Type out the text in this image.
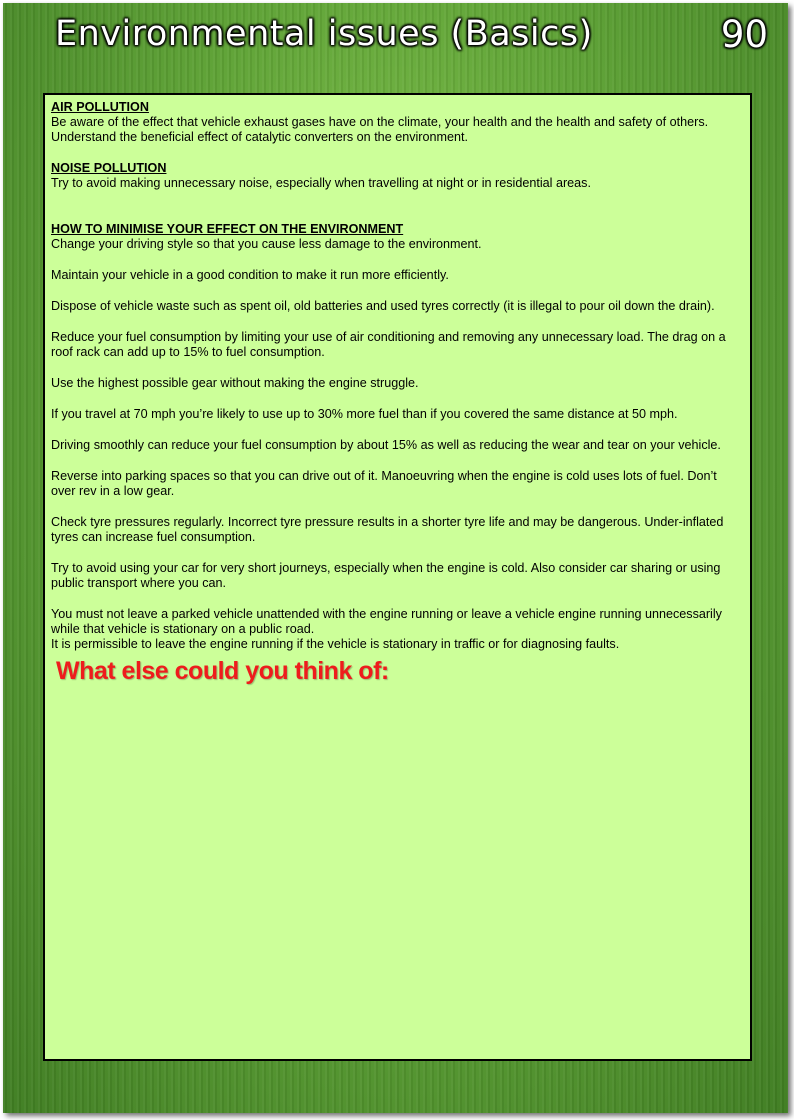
Environmental issues (Basics)	90

AIR POLLUTION

Be aware of the effect that vehicle exhaust gases have on the climate, your health and the health and safety of others. Understand the beneficial effect of catalytic converters on the environment.

NOISE POLLUTION

Try to avoid making unnecessary noise, especially when travelling at night or in residential areas.

HOW TO MINIMISE YOUR EFFECT ON THE ENVIRONMENT

Change your driving style so that you cause less damage to the environment.

Maintain your vehicle in a good condition to make it run more efficiently.

Dispose of vehicle waste such as spent oil, old batteries and used tyres correctly (it is illegal to pour oil down the drain).

Reduce your fuel consumption by limiting your use of air conditioning and removing any unnecessary load. The drag on a roof rack can add up to 15% to fuel consumption.

Use the highest possible gear without making the engine struggle.

If you travel at 70 mph you’re likely to use up to 30% more fuel than if you covered the same distance at 50 mph.

Driving smoothly can reduce your fuel consumption by about 15% as well as reducing the wear and tear on your vehicle.

Reverse into parking spaces so that you can drive out of it. Manoeuvring when the engine is cold uses lots of fuel. Don’t over rev in a low gear.

Check tyre pressures regularly. Incorrect tyre pressure results in a shorter tyre life and may be dangerous. Under-inflated tyres can increase fuel consumption.

Try to avoid using your car for very short journeys, especially when the engine is cold. Also consider car sharing or using public transport where you can.

You must not leave a parked vehicle unattended with the engine running or leave a vehicle engine running unnecessarily while that vehicle is stationary on a public road.

It is permissible to leave the engine running if the vehicle is stationary in traffic or for diagnosing faults.

What else could you think of:
